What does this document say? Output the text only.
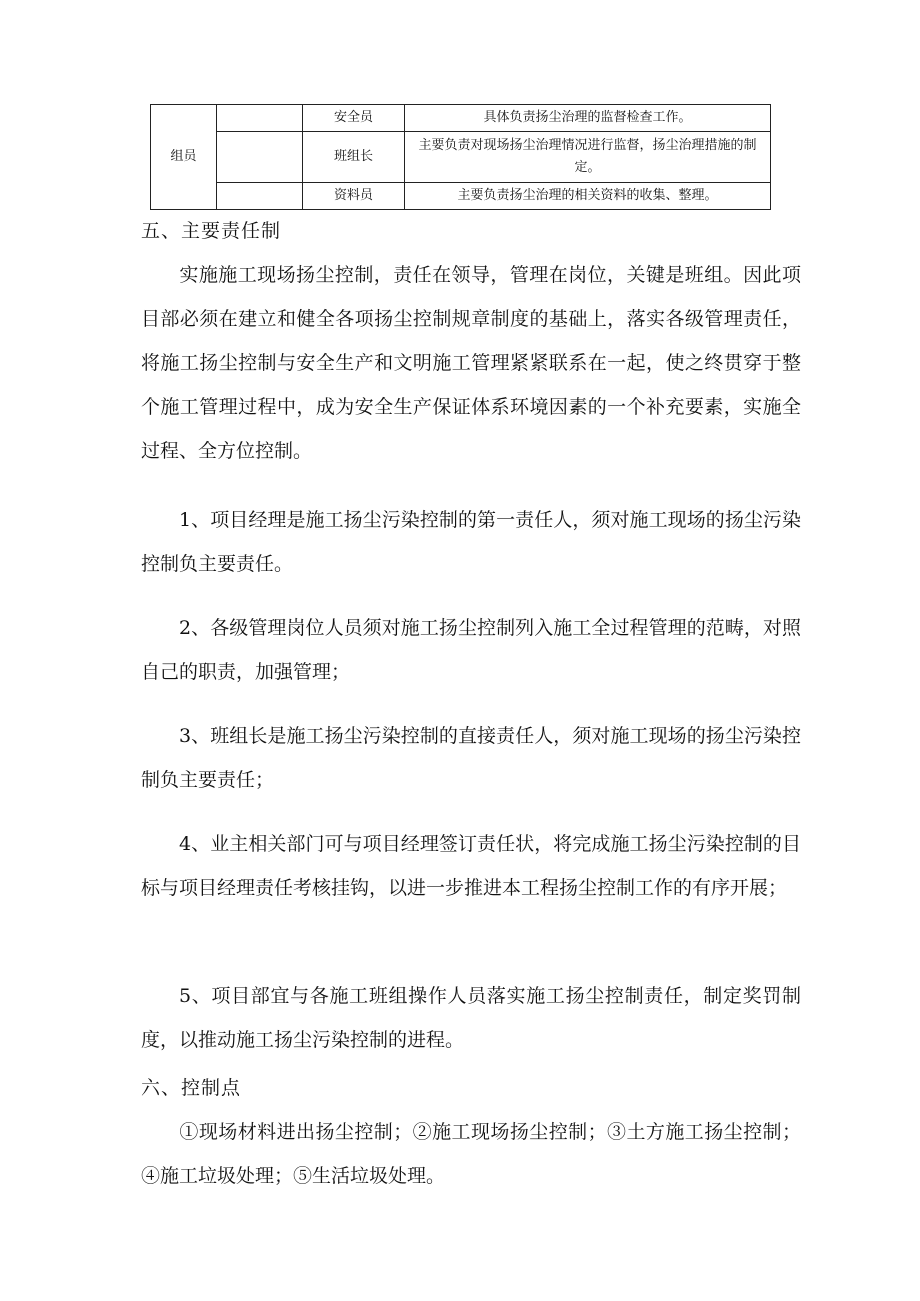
组员		安全员	具体负责扬尘治理的监督检查工作。
		班组长	主要负责对现场扬尘治理情况进行监督，扬尘治理措施的制定。
		资料员	主要负责扬尘治理的相关资料的收集、整理。
五、主要责任制

实施施工现场扬尘控制，责任在领导，管理在岗位，关键是班组。因此项目部必须在建立和健全各项扬尘控制规章制度的基础上，落实各级管理责任，将施工扬尘控制与安全生产和文明施工管理紧紧联系在一起，使之终贯穿于整个施工管理过程中，成为安全生产保证体系环境因素的一个补充要素，实施全过程、全方位控制。

1、项目经理是施工扬尘污染控制的第一责任人，须对施工现场的扬尘污染控制负主要责任。

2、各级管理岗位人员须对施工扬尘控制列入施工全过程管理的范畴，对照自己的职责，加强管理；

3、班组长是施工扬尘污染控制的直接责任人，须对施工现场的扬尘污染控制负主要责任；

4、业主相关部门可与项目经理签订责任状，将完成施工扬尘污染控制的目标与项目经理责任考核挂钩，以进一步推进本工程扬尘控制工作的有序开展；

5、项目部宜与各施工班组操作人员落实施工扬尘控制责任，制定奖罚制度，以推动施工扬尘污染控制的进程。

六、控制点

①现场材料进出扬尘控制；②施工现场扬尘控制；③土方施工扬尘控制；④施工垃圾处理；⑤生活垃圾处理。
